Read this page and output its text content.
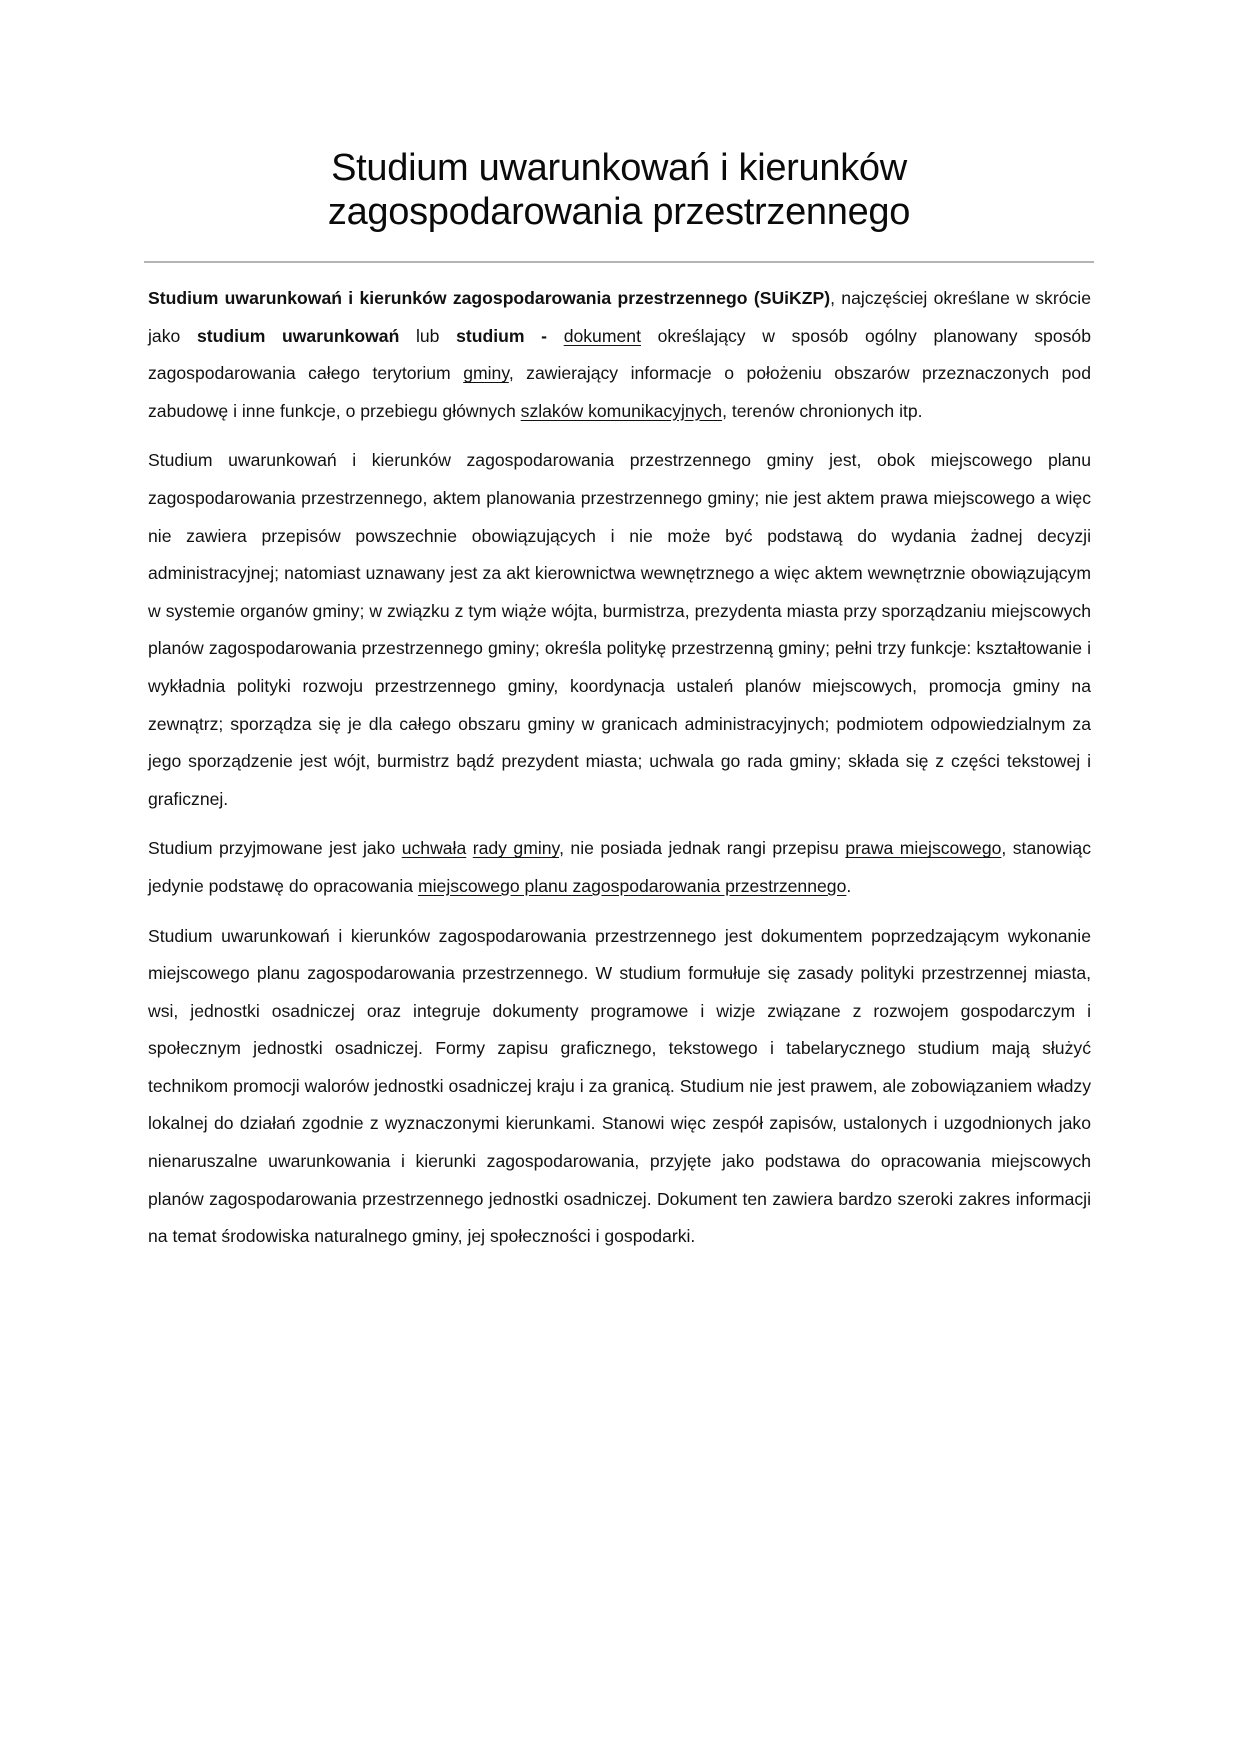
Studium uwarunkowań i kierunków
zagospodarowania przestrzennego

Studium uwarunkowań i kierunków zagospodarowania przestrzennego (SUiKZP), najczęściej określane w skrócie jako studium uwarunkowań lub studium - dokument określający w sposób ogólny planowany sposób zagospodarowania całego terytorium gminy, zawierający informacje o położeniu obszarów przeznaczonych pod zabudowę i inne funkcje, o przebiegu głównych szlaków komunikacyjnych, terenów chronionych itp.

Studium uwarunkowań i kierunków zagospodarowania przestrzennego gminy jest, obok miejscowego planu zagospodarowania przestrzennego, aktem planowania przestrzennego gminy; nie jest aktem prawa miejscowego a więc nie zawiera przepisów powszechnie obowiązujących i nie może być podstawą do wydania żadnej decyzji administracyjnej; natomiast uznawany jest za akt kierownictwa wewnętrznego a więc aktem wewnętrznie obowiązującym w systemie organów gminy; w związku z tym wiąże wójta, burmistrza, prezydenta miasta przy sporządzaniu miejscowych planów zagospodarowania przestrzennego gminy; określa politykę przestrzenną gminy; pełni trzy funkcje: kształtowanie i wykładnia polityki rozwoju przestrzennego gminy, koordynacja ustaleń planów miejscowych, promocja gminy na zewnątrz; sporządza się je dla całego obszaru gminy w granicach administracyjnych; podmiotem odpowiedzialnym za jego sporządzenie jest wójt, burmistrz bądź prezydent miasta; uchwala go rada gminy; składa się z części tekstowej i graficznej.

Studium przyjmowane jest jako uchwała rady gminy, nie posiada jednak rangi przepisu prawa miejscowego, stanowiąc jedynie podstawę do opracowania miejscowego planu zagospodarowania przestrzennego.

Studium uwarunkowań i kierunków zagospodarowania przestrzennego jest dokumentem poprzedzającym wykonanie miejscowego planu zagospodarowania przestrzennego. W studium formułuje się zasady polityki przestrzennej miasta, wsi, jednostki osadniczej oraz integruje dokumenty programowe i wizje związane z rozwojem gospodarczym i społecznym jednostki osadniczej. Formy zapisu graficznego, tekstowego i tabelarycznego studium mają służyć technikom promocji walorów jednostki osadniczej kraju i za granicą. Studium nie jest prawem, ale zobowiązaniem władzy lokalnej do działań zgodnie z wyznaczonymi kierunkami. Stanowi więc zespół zapisów, ustalonych i uzgodnionych jako nienaruszalne uwarunkowania i kierunki zagospodarowania, przyjęte jako podstawa do opracowania miejscowych planów zagospodarowania przestrzennego jednostki osadniczej. Dokument ten zawiera bardzo szeroki zakres informacji na temat środowiska naturalnego gminy, jej społeczności i gospodarki.
